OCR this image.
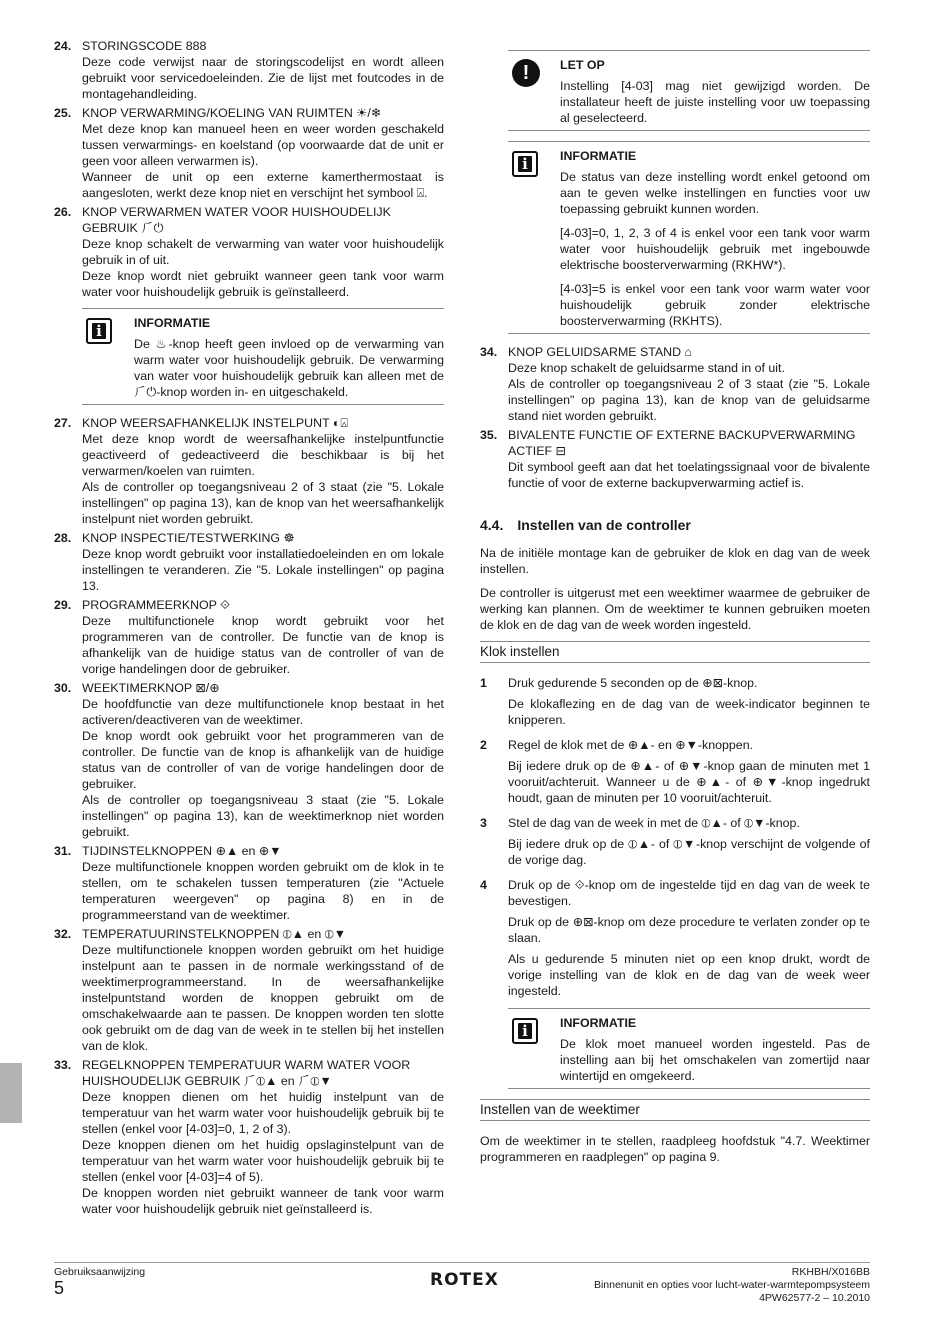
24. STORINGSCODE 888
Deze code verwijst naar de storingscodelijst en wordt alleen gebruikt voor servicedoeleinden. Zie de lijst met foutcodes in de montagehandleiding.
25. KNOP VERWARMING/KOELING VAN RUIMTEN ☀/❄
Met deze knop kan manueel heen en weer worden geschakeld tussen verwarmings- en koelstand (op voorwaarde dat de unit er geen voor alleen verwarmen is).
Wanneer de unit op een externe kamerthermostaat is aangesloten, werkt deze knop niet en verschijnt het symbool ⍓.
26. KNOP VERWARMEN WATER VOOR HUISHOUDELIJK GEBRUIK ⺁⏻
Deze knop schakelt de verwarming van water voor huishoudelijk gebruik in of uit.
Deze knop wordt niet gebruikt wanneer geen tank voor warm water voor huishoudelijk gebruik is geïnstalleerd.
i	INFORMATIE
De ♨-knop heeft geen invloed op de verwarming van warm water voor huishoudelijk gebruik. De verwarming van water voor huishoudelijk gebruik kan alleen met de ⺁⏻-knop worden in- en uitgeschakeld.
27. KNOP WEERSAFHANKELIJK INSTELPUNT ◐⍓
Met deze knop wordt de weersafhankelijke instelpuntfunctie geactiveerd of gedeactiveerd die beschikbaar is bij het verwarmen/koelen van ruimten.
Als de controller op toegangsniveau 2 of 3 staat (zie "5. Lokale instellingen" op pagina 13), kan de knop van het weersafhankelijk instelpunt niet worden gebruikt.
28. KNOP INSPECTIE/TESTWERKING ☸
Deze knop wordt gebruikt voor installatiedoeleinden en om lokale instellingen te veranderen. Zie "5. Lokale instellingen" op pagina 13.
29. PROGRAMMEERKNOP ⟐
Deze multifunctionele knop wordt gebruikt voor het programmeren van de controller. De functie van de knop is afhankelijk van de huidige status van de controller of van de vorige handelingen door de gebruiker.
30. WEEKTIMERKNOP ⊠/⊕
De hoofdfunctie van deze multifunctionele knop bestaat in het activeren/deactiveren van de weektimer.
De knop wordt ook gebruikt voor het programmeren van de controller. De functie van de knop is afhankelijk van de huidige status van de controller of van de vorige handelingen door de gebruiker.
Als de controller op toegangsniveau 3 staat (zie "5. Lokale instellingen" op pagina 13), kan de weektimerknop niet worden gebruikt.
31. TIJDINSTELKNOPPEN ⊕▲ en ⊕▼
Deze multifunctionele knoppen worden gebruikt om de klok in te stellen, om te schakelen tussen temperaturen (zie "Actuele temperaturen weergeven" op pagina 8) en in de programmeerstand van de weektimer.
32. TEMPERATUURINSTELKNOPPEN ⦶▲ en ⦶▼
Deze multifunctionele knoppen worden gebruikt om het huidige instelpunt aan te passen in de normale werkingsstand of de weektimerprogrammeerstand. In de weersafhankelijke instelpuntstand worden de knoppen gebruikt om de omschakelwaarde aan te passen. De knoppen worden ten slotte ook gebruikt om de dag van de week in te stellen bij het instellen van de klok.
33. REGELKNOPPEN TEMPERATUUR WARM WATER VOOR HUISHOUDELIJK GEBRUIK ⺁⦶▲ en ⺁⦶▼
Deze knoppen dienen om het huidig instelpunt van de temperatuur van het warm water voor huishoudelijk gebruik bij te stellen (enkel voor [4-03]=0, 1, 2 of 3).
Deze knoppen dienen om het huidig opslaginstelpunt van de temperatuur van het warm water voor huishoudelijk gebruik bij te stellen (enkel voor [4-03]=4 of 5).
De knoppen worden niet gebruikt wanneer de tank voor warm water voor huishoudelijk gebruik niet geïnstalleerd is.
!	LET OP
Instelling [4-03] mag niet gewijzigd worden. De installateur heeft de juiste instelling voor uw toepassing al geselecteerd.
i	INFORMATIE
De status van deze instelling wordt enkel getoond om aan te geven welke instellingen en functies voor uw toepassing gebruikt kunnen worden.
[4-03]=0, 1, 2, 3 of 4 is enkel voor een tank voor warm water voor huishoudelijk gebruik met ingebouwde elektrische boosterverwarming (RKHW*).
[4-03]=5 is enkel voor een tank voor warm water voor huishoudelijk gebruik zonder elektrische boosterverwarming (RKHTS).
34. KNOP GELUIDSARME STAND ⌂
Deze knop schakelt de geluidsarme stand in of uit.
Als de controller op toegangsniveau 2 of 3 staat (zie "5. Lokale instellingen" op pagina 13), kan de knop van de geluidsarme stand niet worden gebruikt.
35. BIVALENTE FUNCTIE OF EXTERNE BACKUPVERWARMING ACTIEF ⊟
Dit symbool geeft aan dat het toelatingssignaal voor de bivalente functie of voor de externe backupverwarming actief is.
4.4. Instellen van de controller

Na de initiële montage kan de gebruiker de klok en dag van de week instellen.

De controller is uitgerust met een weektimer waarmee de gebruiker de werking kan plannen. Om de weektimer te kunnen gebruiken moeten de klok en de dag van de week worden ingesteld.

Klok instellen
1 Druk gedurende 5 seconden op de ⊕⊠-knop.

De klokaflezing en de dag van de week-indicator beginnen te knipperen.

2 Regel de klok met de ⊕▲- en ⊕▼-knoppen.

Bij iedere druk op de ⊕▲- of ⊕▼-knop gaan de minuten met 1 vooruit/achteruit. Wanneer u de ⊕▲- of ⊕▼-knop ingedrukt houdt, gaan de minuten per 10 vooruit/achteruit.

3 Stel de dag van de week in met de ⦶▲- of ⦶▼-knop.

Bij iedere druk op de ⦶▲- of ⦶▼-knop verschijnt de volgende of de vorige dag.

4 Druk op de ⟐-knop om de ingestelde tijd en dag van de week te bevestigen.

Druk op de ⊕⊠-knop om deze procedure te verlaten zonder op te slaan.

Als u gedurende 5 minuten niet op een knop drukt, wordt de vorige instelling van de klok en de dag van de week weer ingesteld.

i	INFORMATIE
De klok moet manueel worden ingesteld. Pas de instelling aan bij het omschakelen van zomertijd naar wintertijd en omgekeerd.
Instellen van de weektimer

Om de weektimer in te stellen, raadpleeg hoofdstuk "4.7. Weektimer programmeren en raadplegen" op pagina 9.

Gebruiksaanwijzing
5	ROTEX	RKHBH/X016BB
Binnenunit en opties voor lucht-water-warmtepompsysteem
4PW62577-2 – 10.2010
